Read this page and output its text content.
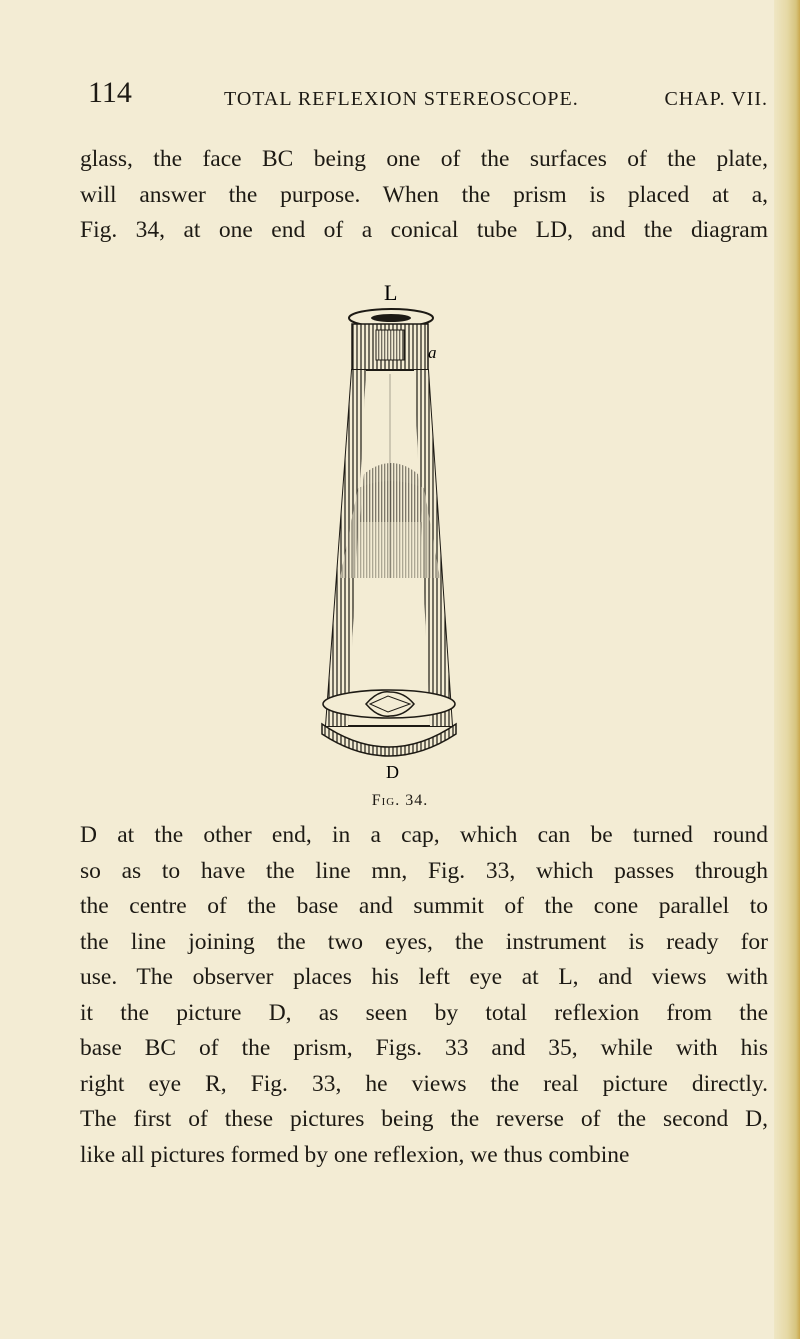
114	TOTAL REFLEXION STEREOSCOPE.	CHAP. VII.
glass, the face BC being one of the surfaces of the plate,
will answer the purpose. When the prism is placed at a,
Fig. 34, at one end of a conical tube LD, and the diagram
L
a
D
Fig. 34.
D at the other end, in a cap, which can be turned round
so as to have the line mn, Fig. 33, which passes through
the centre of the base and summit of the cone parallel to
the line joining the two eyes, the instrument is ready for
use. The observer places his left eye at L, and views with
it the picture D, as seen by total reflexion from the
base BC of the prism, Figs. 33 and 35, while with his
right eye R, Fig. 33, he views the real picture directly.
The first of these pictures being the reverse of the second D,
like all pictures formed by one reflexion, we thus combine
